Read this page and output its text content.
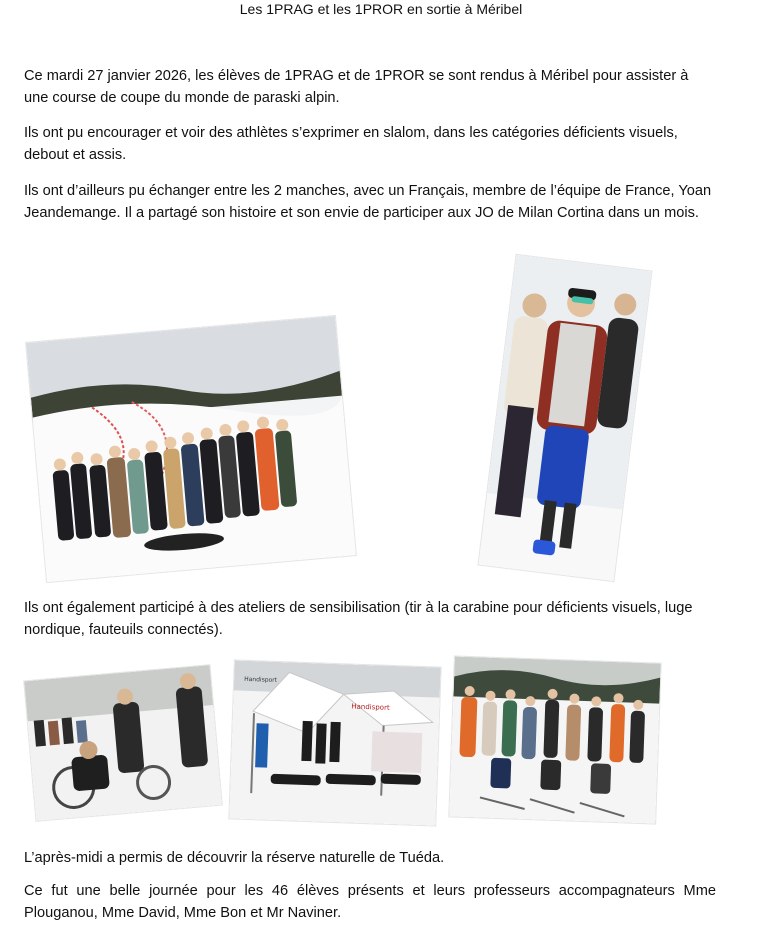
Les 1PRAG et les 1PROR en sortie à Méribel

Ce mardi 27 janvier 2026, les élèves de 1PRAG et de 1PROR se sont rendus à Méribel pour assister à une course de coupe du monde de paraski alpin.

Ils ont pu encourager et voir des athlètes s’exprimer en slalom, dans les catégories déficients visuels, debout et assis.

Ils ont d’ailleurs pu échanger entre les 2 manches, avec un Français, membre de l’équipe de France, Yoan Jeandemange. Il a partagé son histoire et son envie de participer aux JO de Milan Cortina dans un mois.

Ils ont également participé à des ateliers de sensibilisation (tir à la carabine pour déficients visuels, luge nordique, fauteuils connectés).

Handisport
Handisport

L’après-midi a permis de découvrir la réserve naturelle de Tuéda.

Ce fut une belle journée pour les 46 élèves présents et leurs professeurs accompagnateurs Mme Plouganou, Mme David, Mme Bon et Mr Naviner.
